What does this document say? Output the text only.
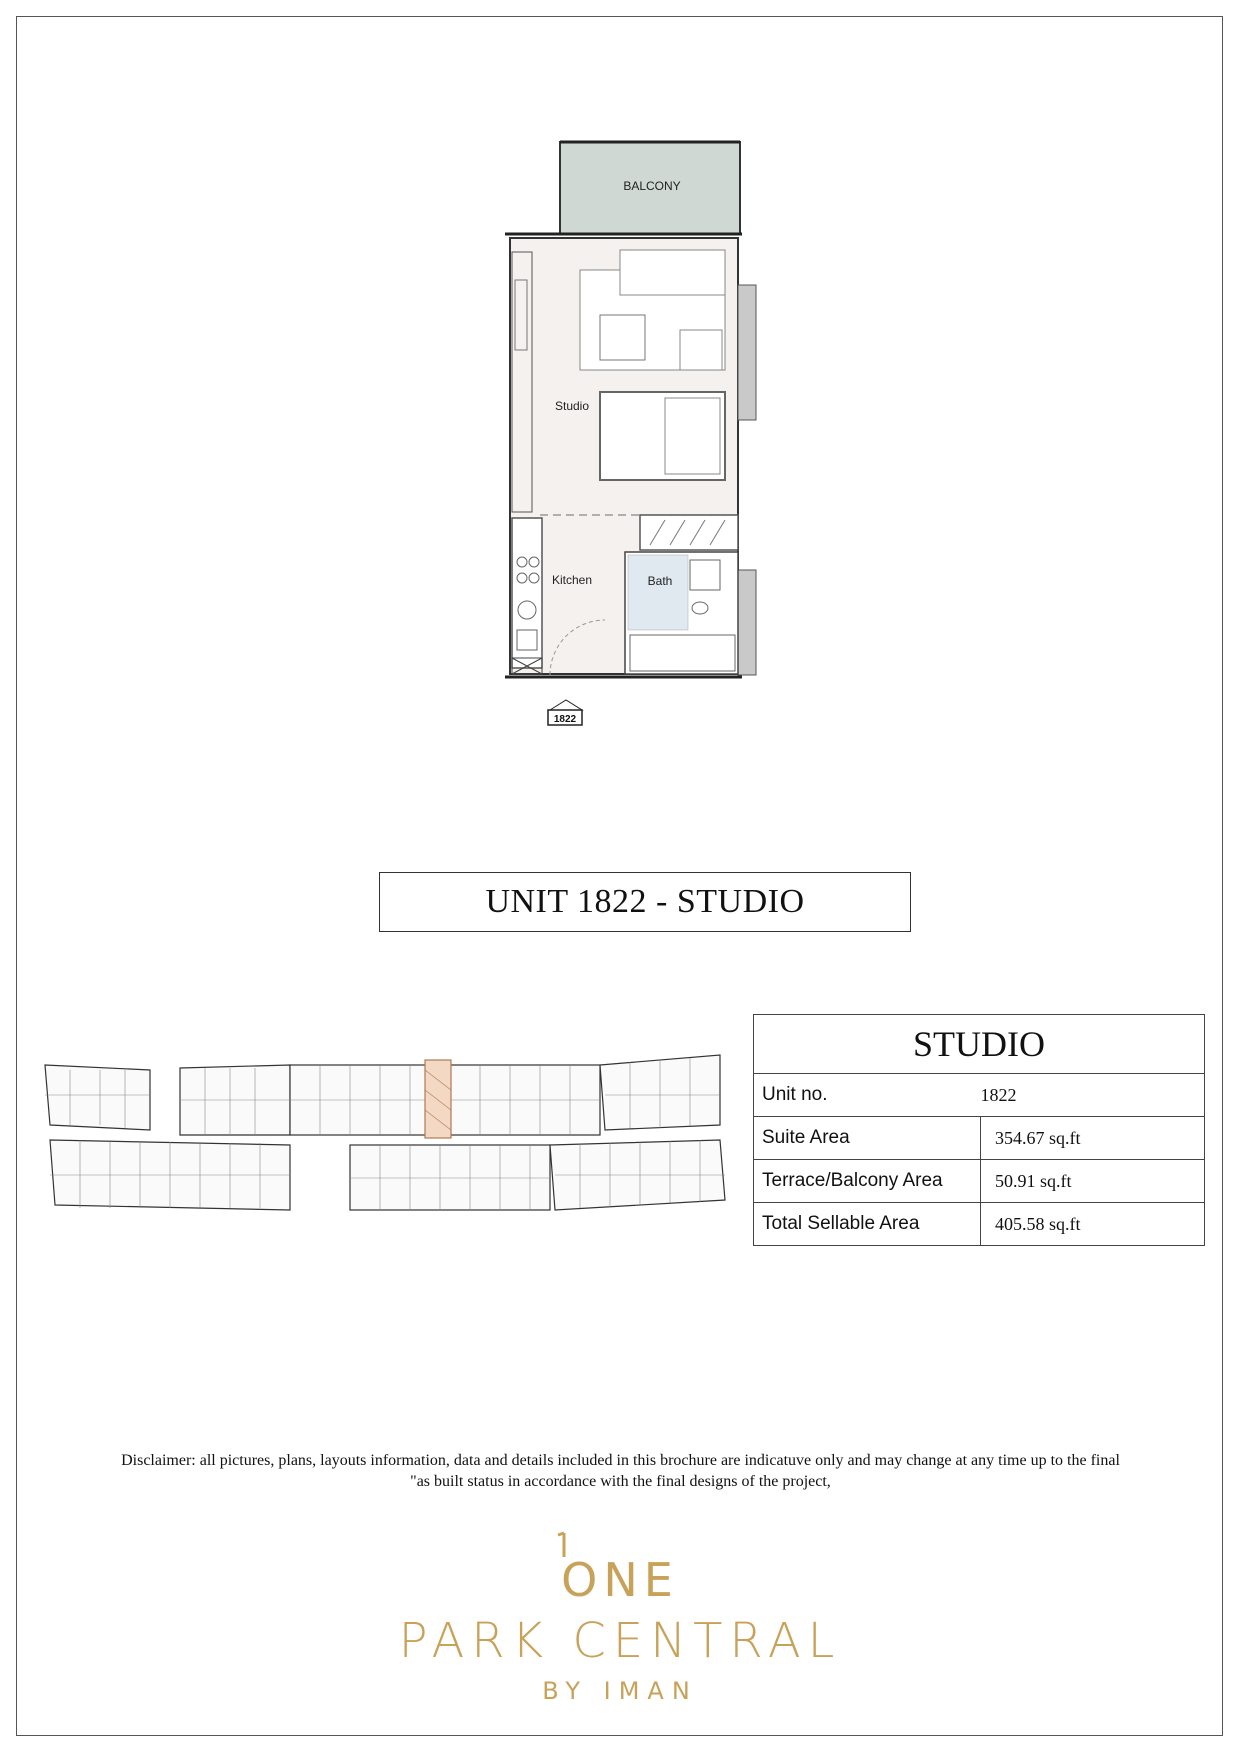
BALCONY
Studio
Kitchen	Bath
1822
UNIT 1822 - STUDIO
STUDIO	
Unit no.	1822
Suite Area	354.67 sq.ft
Terrace/Balcony Area	50.91 sq.ft
Total Sellable Area	405.58 sq.ft
Disclaimer: all pictures, plans, layouts information, data and details included in this brochure are indicatuve only and may change at any time up to the final
"as built status in accordance with the final designs of the project,
ONE
PARK CENTRAL
BY IMAN
